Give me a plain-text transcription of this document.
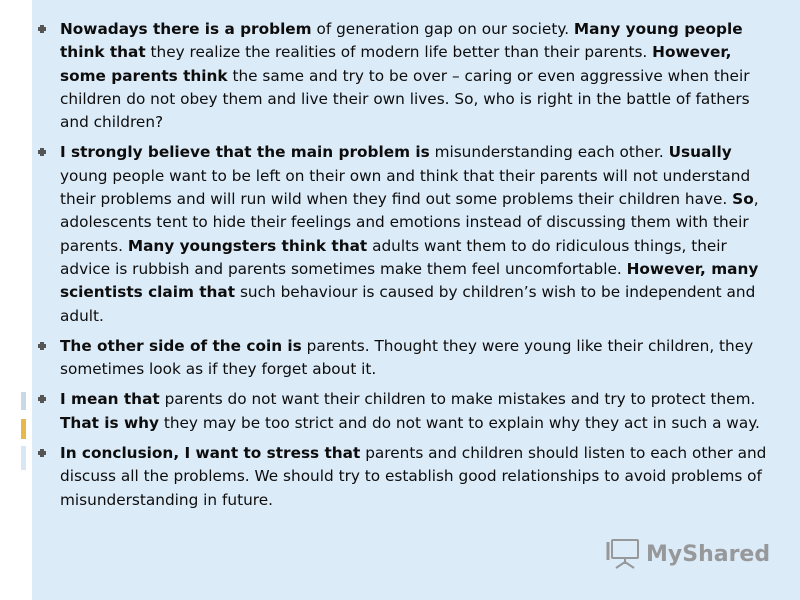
Nowadays there is a problem of generation gap on our society. Many young people think that they realize the realities of modern life better than their parents. However, some parents think the same and try to be over – caring or even aggressive when their children do not obey them and live their own lives. So, who is right in the battle of fathers and children?
I strongly believe that the main problem is misunderstanding each other. Usually young people want to be left on their own and think that their parents will not understand their problems and will run wild when they find out some problems their children have. So, adolescents tent to hide their feelings and emotions instead of discussing them with their parents. Many youngsters think that adults want them to do ridiculous things, their advice is rubbish and parents sometimes make them feel uncomfortable. However, many scientists claim that such behaviour is caused by children’s wish to be independent and adult.
The other side of the coin is parents. Thought they were young like their children, they sometimes look as if they forget about it.
I mean that parents do not want their children to make mistakes and try to protect them. That is why they may be too strict and do not want to explain why they act in such a way.
In conclusion, I want to stress that parents and children should listen to each other and discuss all the problems. We should try to establish good relationships to avoid problems of misunderstanding in future.
MyShared
